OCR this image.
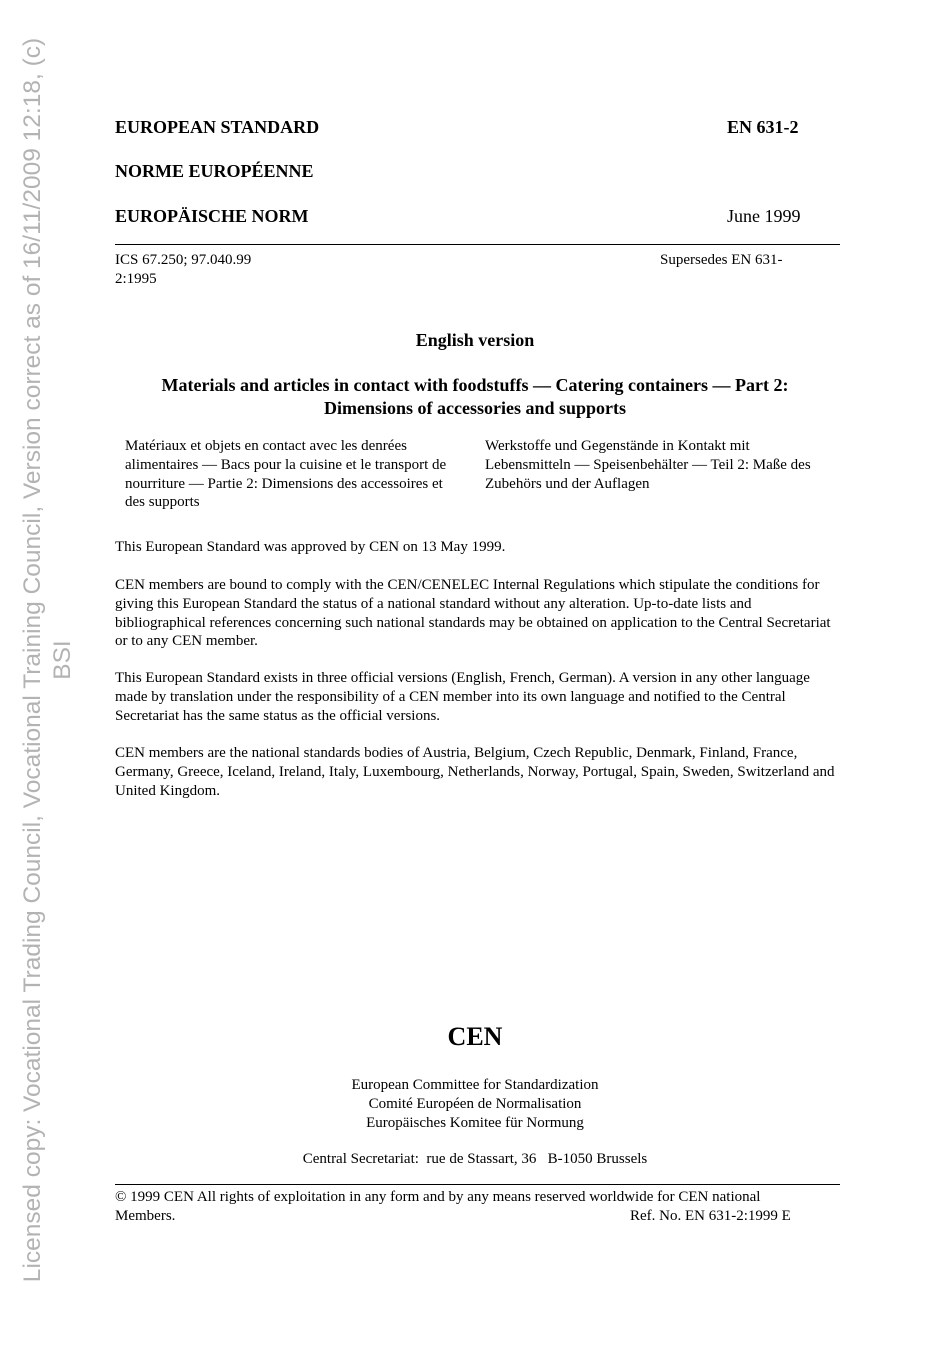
Licensed copy: Vocational Trading Council, Vocational Training Council, Version correct as of 16/11/2009 12:18, (c) BSI
EUROPEAN STANDARD	EN 631-2
NORME EUROPÉENNE
EUROPÄISCHE NORM	June 1999
ICS 67.250; 97.040.99	Supersedes EN 631-
2:1995
English version
Materials and articles in contact with foodstuffs — Catering containers — Part 2:
Dimensions of accessories and supports
Matériaux et objets en contact avec les denrées alimentaires — Bacs pour la cuisine et le transport de nourriture — Partie 2: Dimensions des accessoires et des supports
Werkstoffe und Gegenstände in Kontakt mit Lebensmitteln — Speisenbehälter — Teil 2: Maße des Zubehörs und der Auflagen

This European Standard was approved by CEN on 13 May 1999.

CEN members are bound to comply with the CEN/CENELEC Internal Regulations which stipulate the conditions for giving this European Standard the status of a national standard without any alteration. Up-to-date lists and bibliographical references concerning such national standards may be obtained on application to the Central Secretariat or to any CEN member.

This European Standard exists in three official versions (English, French, German). A version in any other language made by translation under the responsibility of a CEN member into its own language and notified to the Central Secretariat has the same status as the official versions.

CEN members are the national standards bodies of Austria, Belgium, Czech Republic, Denmark, Finland, France, Germany, Greece, Iceland, Ireland, Italy, Luxembourg, Netherlands, Norway, Portugal, Spain, Sweden, Switzerland and United Kingdom.

CEN
European Committee for Standardization
Comité Européen de Normalisation
Europäisches Komitee für Normung
Central Secretariat:  rue de Stassart, 36   B-1050 Brussels
© 1999 CEN All rights of exploitation in any form and by any means reserved worldwide for CEN national
Members.	Ref. No. EN 631-2:1999 E
